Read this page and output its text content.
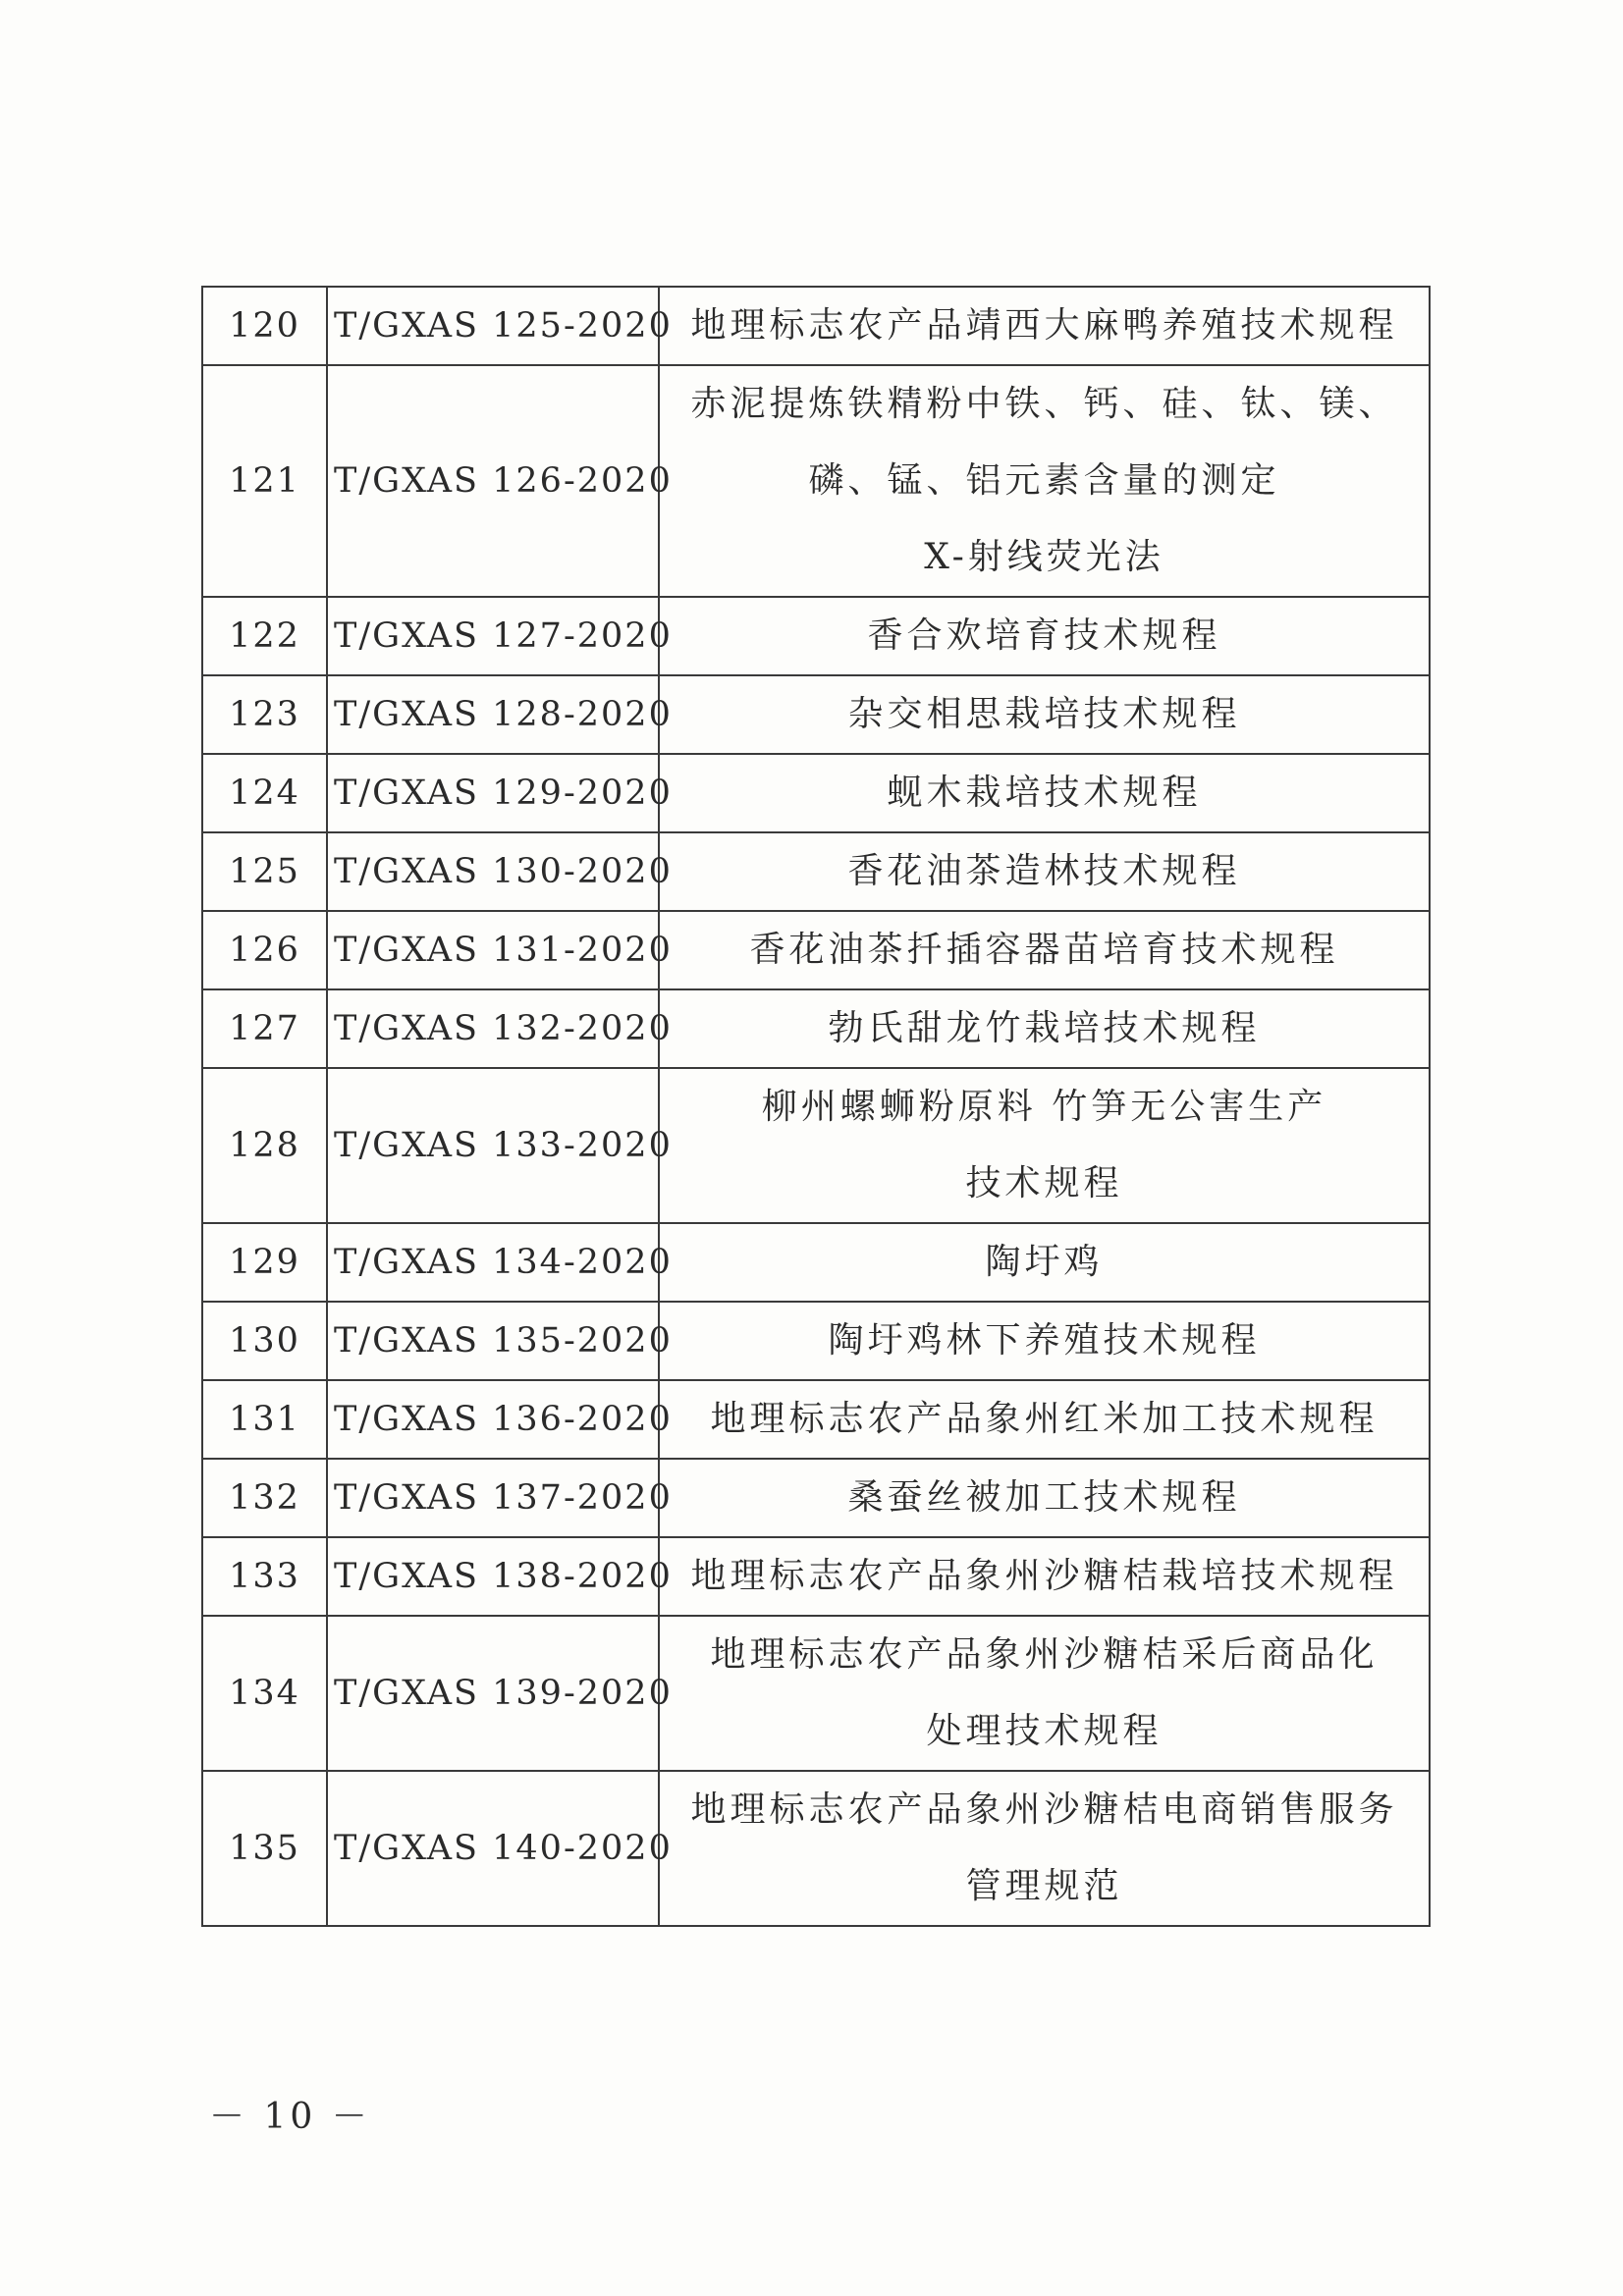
120	T/GXAS 125-2020	地理标志农产品靖西大麻鸭养殖技术规程

121	T/GXAS 126-2020	赤泥提炼铁精粉中铁、钙、硅、钛、镁、
磷、锰、铝元素含量的测定
X-射线荧光法

122	T/GXAS 127-2020	香合欢培育技术规程

123	T/GXAS 128-2020	杂交相思栽培技术规程

124	T/GXAS 129-2020	蚬木栽培技术规程

125	T/GXAS 130-2020	香花油茶造林技术规程

126	T/GXAS 131-2020	香花油茶扦插容器苗培育技术规程

127	T/GXAS 132-2020	勃氏甜龙竹栽培技术规程

128	T/GXAS 133-2020	柳州螺蛳粉原料 竹笋无公害生产
技术规程

129	T/GXAS 134-2020	陶圩鸡

130	T/GXAS 135-2020	陶圩鸡林下养殖技术规程

131	T/GXAS 136-2020	地理标志农产品象州红米加工技术规程

132	T/GXAS 137-2020	桑蚕丝被加工技术规程

133	T/GXAS 138-2020	地理标志农产品象州沙糖桔栽培技术规程

134	T/GXAS 139-2020	地理标志农产品象州沙糖桔采后商品化
处理技术规程

135	T/GXAS 140-2020	地理标志农产品象州沙糖桔电商销售服务
管理规范
－ 10 －
